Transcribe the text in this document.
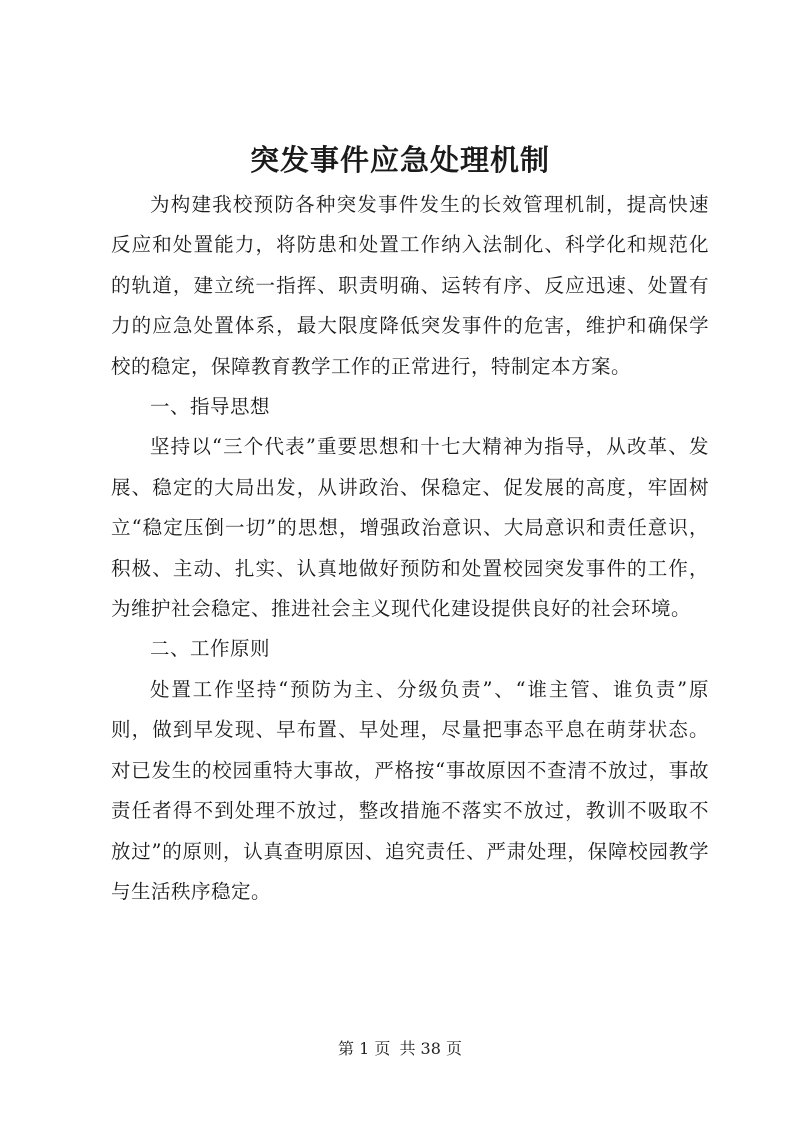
突发事件应急处理机制

为构建我校预防各种突发事件发生的长效管理机制，提高快速反应和处置能力，将防患和处置工作纳入法制化、科学化和规范化的轨道，建立统一指挥、职责明确、运转有序、反应迅速、处置有力的应急处置体系，最大限度降低突发事件的危害，维护和确保学校的稳定，保障教育教学工作的正常进行，特制定本方案。

一、指导思想

坚持以“三个代表”重要思想和十七大精神为指导，从改革、发展、稳定的大局出发，从讲政治、保稳定、促发展的高度，牢固树立“稳定压倒一切”的思想，增强政治意识、大局意识和责任意识，积极、主动、扎实、认真地做好预防和处置校园突发事件的工作，为维护社会稳定、推进社会主义现代化建设提供良好的社会环境。

二、工作原则

处置工作坚持“预防为主、分级负责”、“谁主管、谁负责”原则，做到早发现、早布置、早处理，尽量把事态平息在萌芽状态。对已发生的校园重特大事故，严格按“事故原因不查清不放过，事故责任者得不到处理不放过，整改措施不落实不放过，教训不吸取不放过”的原则，认真查明原因、追究责任、严肃处理，保障校园教学与生活秩序稳定。

第 1 页 共 38 页
